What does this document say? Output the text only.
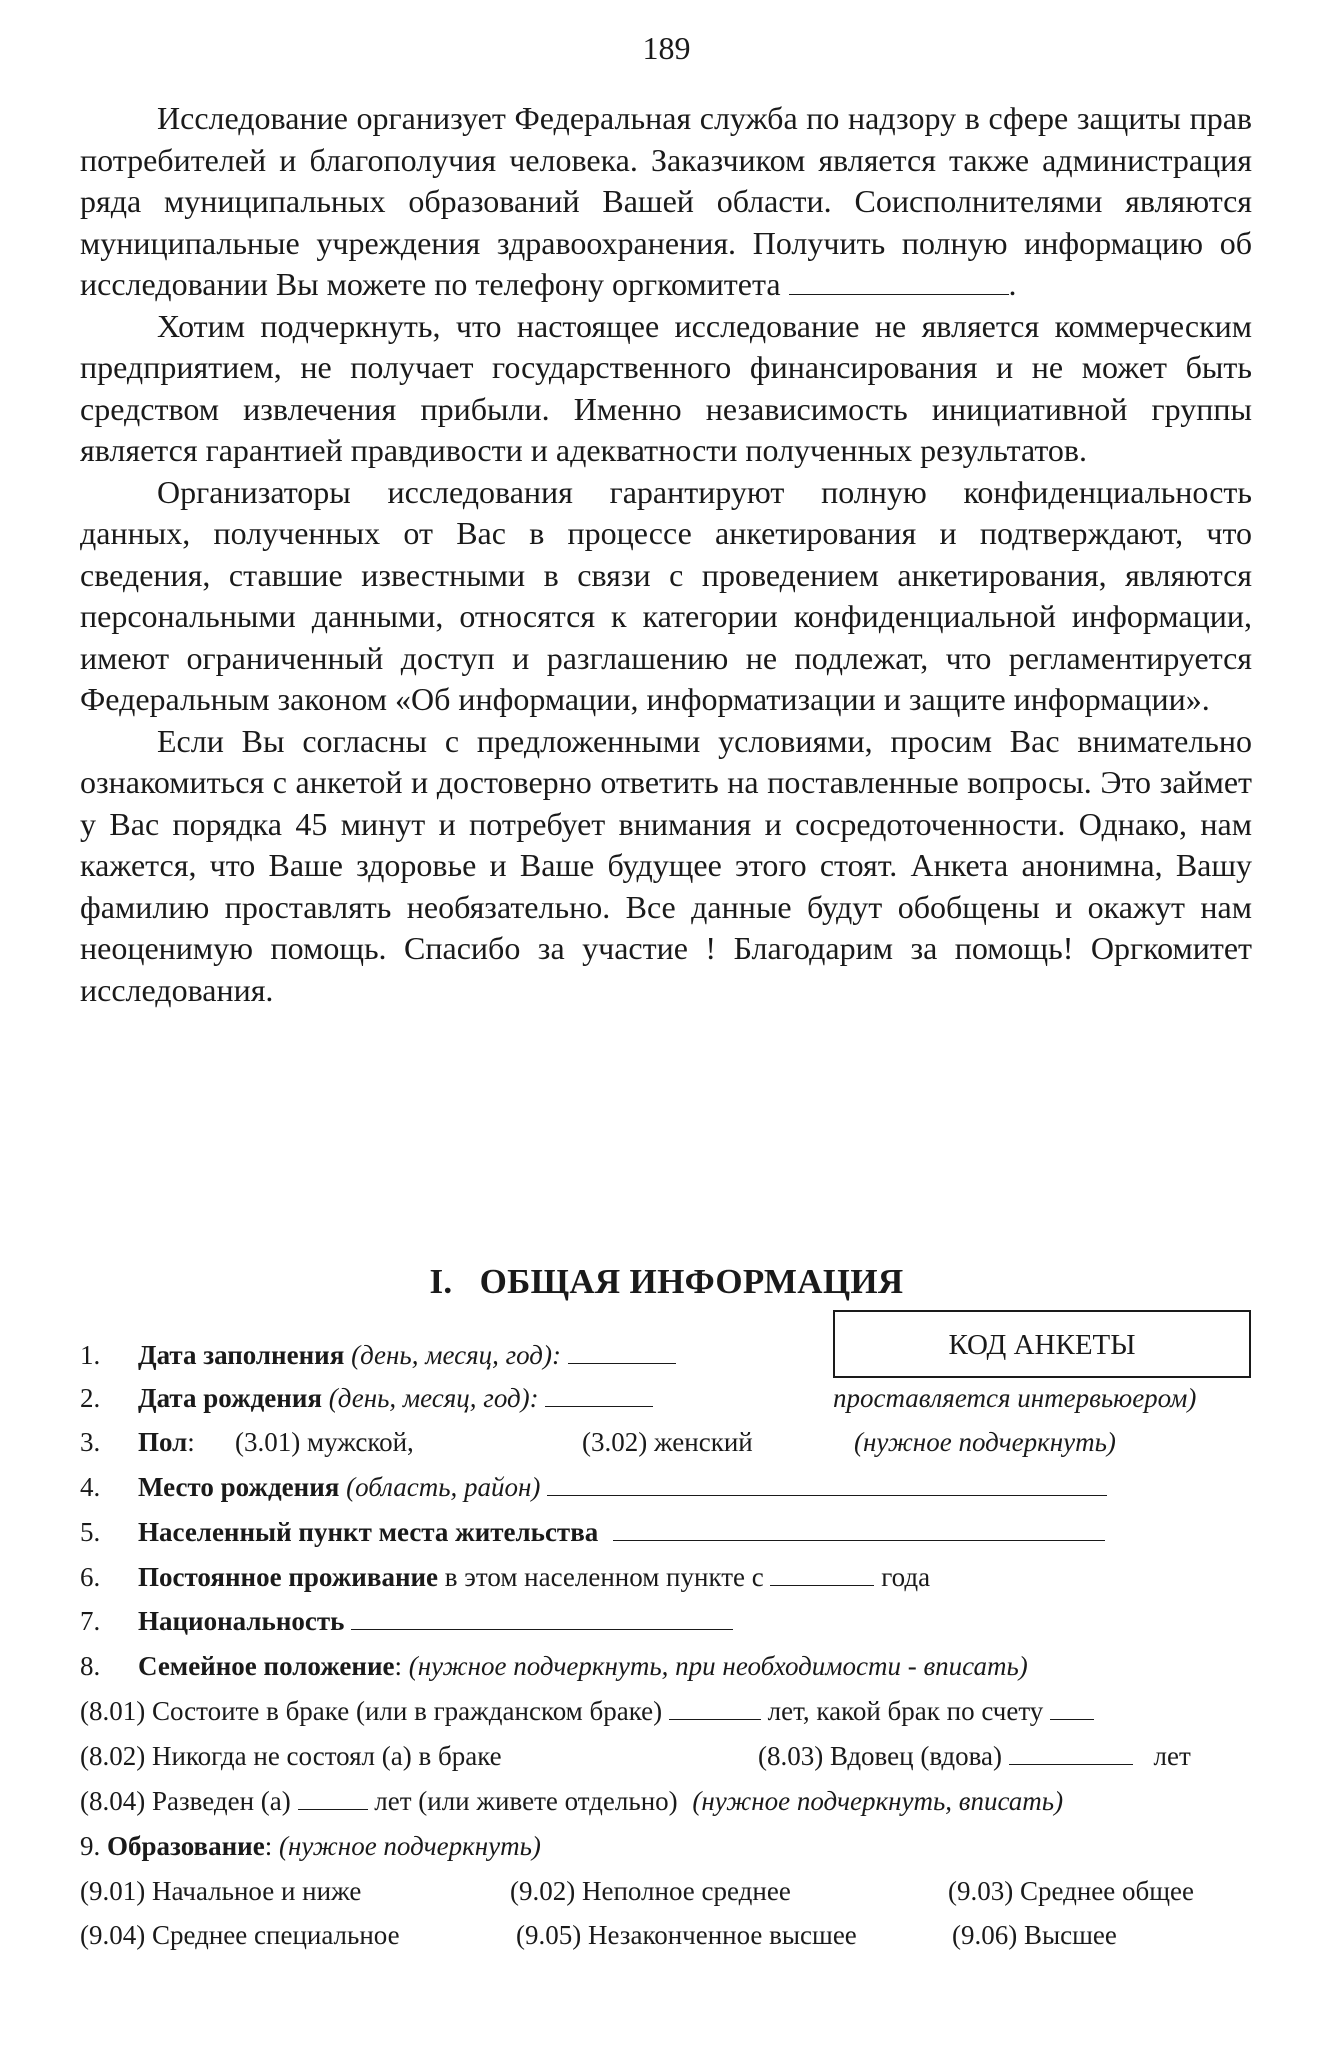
189

Исследование организует Федеральная служба по надзору в сфере защиты прав потребителей и благополучия человека. Заказчиком является также администрация ряда муниципальных образований Вашей области. Соисполнителями являются муниципальные учреждения здравоохранения. Получить полную информацию об исследовании Вы можете по телефону оргкомитета	.

Хотим подчеркнуть, что настоящее исследование не является коммерческим предприятием, не получает государственного финансирования и не может быть средством извлечения прибыли. Именно независимость инициативной группы является гарантией правдивости и адекватности полученных результатов.

Организаторы исследования гарантируют полную конфиденциальность данных, полученных от Вас в процессе анкетирования и подтверждают, что сведения, ставшие известными в связи с проведением анкетирования, являются персональными данными, относятся к категории конфиденциальной информации, имеют ограниченный доступ и разглашению не подлежат, что регламентируется Федеральным законом «Об информации, информатизации и защите информации».

Если Вы согласны с предложенными условиями, просим Вас внимательно ознакомиться с анкетой и достоверно ответить на поставленные вопросы. Это займет у Вас порядка 45 минут и потребует внимания и сосредоточенности. Однако, нам кажется, что Ваше здоровье и Ваше будущее этого стоят. Анкета анонимна, Вашу фамилию проставлять необязательно. Все данные будут обобщены и окажут нам неоценимую помощь. Спасибо за участие ! Благодарим за помощь! Оргкомитет исследования.

I. ОБЩАЯ ИНФОРМАЦИЯ
КОД АНКЕТЫ
1. Дата заполнения (день, месяц, год):
2. Дата рождения (день, месяц, год):	проставляется интервьюером)
3. Пол: (3.01) мужской,	(3.02) женский	(нужное подчеркнуть)
4. Место рождения (область, район)
5. Населенный пункт места жительства
6. Постоянное проживание в этом населенном пункте с	года
7. Национальность
8. Семейное положение: (нужное подчеркнуть, при необходимости - вписать)
(8.01) Состоите в браке (или в гражданском браке)	лет, какой брак по счету
(8.02) Никогда не состоял (а) в браке	(8.03) Вдовец (вдова)	лет
(8.04) Разведен (а)	лет (или живете отдельно) (нужное подчеркнуть, вписать)
9. Образование: (нужное подчеркнуть)
(9.01) Начальное и ниже	(9.02) Неполное среднее	(9.03) Среднее общее
(9.04) Среднее специальное	(9.05) Незаконченное высшее	(9.06) Высшее
